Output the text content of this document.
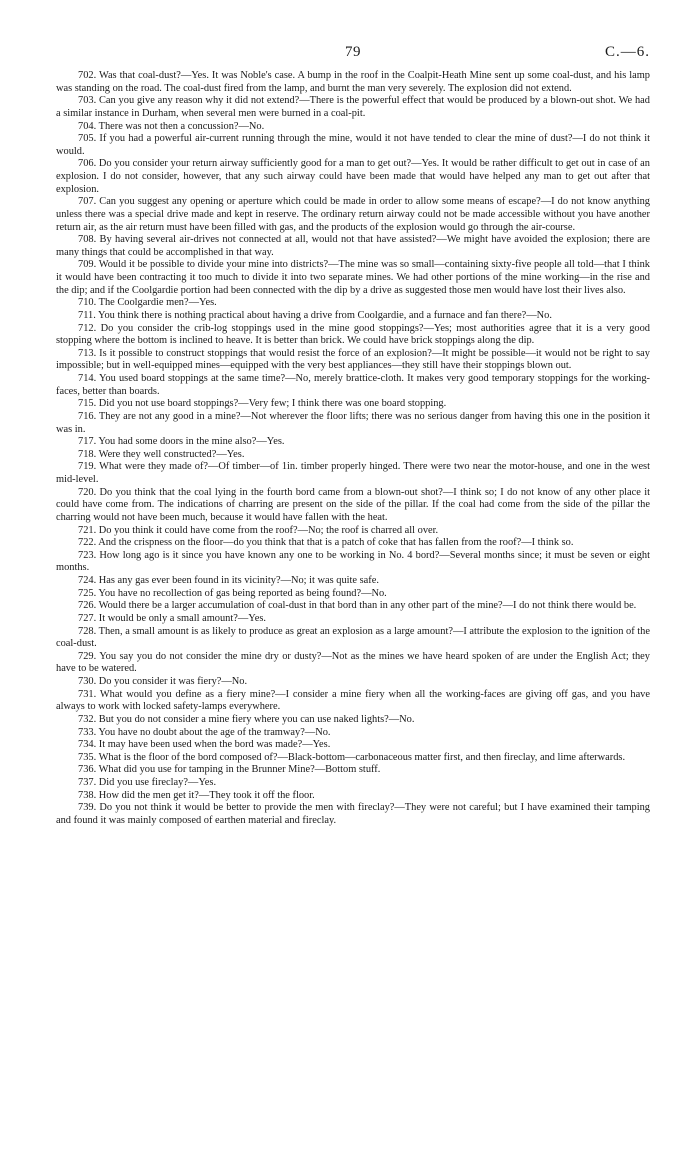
79	C.—6.

702. Was that coal-dust?—Yes. It was Noble's case. A bump in the roof in the Coalpit-Heath Mine sent up some coal-dust, and his lamp was standing on the road. The coal-dust fired from the lamp, and burnt the man very severely. The explosion did not extend.

703. Can you give any reason why it did not extend?—There is the powerful effect that would be produced by a blown-out shot. We had a similar instance in Durham, when several men were burned in a coal-pit.

704. There was not then a concussion?—No.

705. If you had a powerful air-current running through the mine, would it not have tended to clear the mine of dust?—I do not think it would.

706. Do you consider your return airway sufficiently good for a man to get out?—Yes. It would be rather difficult to get out in case of an explosion. I do not consider, however, that any such airway could have been made that would have helped any man to get out after that explosion.

707. Can you suggest any opening or aperture which could be made in order to allow some means of escape?—I do not know anything unless there was a special drive made and kept in reserve. The ordinary return airway could not be made accessible without you have another return air, as the air return must have been filled with gas, and the products of the explosion would go through the air-course.

708. By having several air-drives not connected at all, would not that have assisted?—We might have avoided the explosion; there are many things that could be accomplished in that way.

709. Would it be possible to divide your mine into districts?—The mine was so small—containing sixty-five people all told—that I think it would have been contracting it too much to divide it into two separate mines. We had other portions of the mine working—in the rise and the dip; and if the Coolgardie portion had been connected with the dip by a drive as suggested those men would have lost their lives also.

710. The Coolgardie men?—Yes.

711. You think there is nothing practical about having a drive from Coolgardie, and a furnace and fan there?—No.

712. Do you consider the crib-log stoppings used in the mine good stoppings?—Yes; most authorities agree that it is a very good stopping where the bottom is inclined to heave. It is better than brick. We could have brick stoppings along the dip.

713. Is it possible to construct stoppings that would resist the force of an explosion?—It might be possible—it would not be right to say impossible; but in well-equipped mines—equipped with the very best appliances—they still have their stoppings blown out.

714. You used board stoppings at the same time?—No, merely brattice-cloth. It makes very good temporary stoppings for the working-faces, better than boards.

715. Did you not use board stoppings?—Very few; I think there was one board stopping.

716. They are not any good in a mine?—Not wherever the floor lifts; there was no serious danger from having this one in the position it was in.

717. You had some doors in the mine also?—Yes.

718. Were they well constructed?—Yes.

719. What were they made of?—Of timber—of 1in. timber properly hinged. There were two near the motor-house, and one in the west mid-level.

720. Do you think that the coal lying in the fourth bord came from a blown-out shot?—I think so; I do not know of any other place it could have come from. The indications of charring are present on the side of the pillar. If the coal had come from the side of the pillar the charring would not have been much, because it would have fallen with the heat.

721. Do you think it could have come from the roof?—No; the roof is charred all over.

722. And the crispness on the floor—do you think that that is a patch of coke that has fallen from the roof?—I think so.

723. How long ago is it since you have known any one to be working in No. 4 bord?—Several months since; it must be seven or eight months.

724. Has any gas ever been found in its vicinity?—No; it was quite safe.

725. You have no recollection of gas being reported as being found?—No.

726. Would there be a larger accumulation of coal-dust in that bord than in any other part of the mine?—I do not think there would be.

727. It would be only a small amount?—Yes.

728. Then, a small amount is as likely to produce as great an explosion as a large amount?—I attribute the explosion to the ignition of the coal-dust.

729. You say you do not consider the mine dry or dusty?—Not as the mines we have heard spoken of are under the English Act; they have to be watered.

730. Do you consider it was fiery?—No.

731. What would you define as a fiery mine?—I consider a mine fiery when all the working-faces are giving off gas, and you have always to work with locked safety-lamps everywhere.

732. But you do not consider a mine fiery where you can use naked lights?—No.

733. You have no doubt about the age of the tramway?—No.

734. It may have been used when the bord was made?—Yes.

735. What is the floor of the bord composed of?—Black-bottom—carbonaceous matter first, and then fireclay, and lime afterwards.

736. What did you use for tamping in the Brunner Mine?—Bottom stuff.

737. Did you use fireclay?—Yes.

738. How did the men get it?—They took it off the floor.

739. Do you not think it would be better to provide the men with fireclay?—They were not careful; but I have examined their tamping and found it was mainly composed of earthen material and fireclay.
